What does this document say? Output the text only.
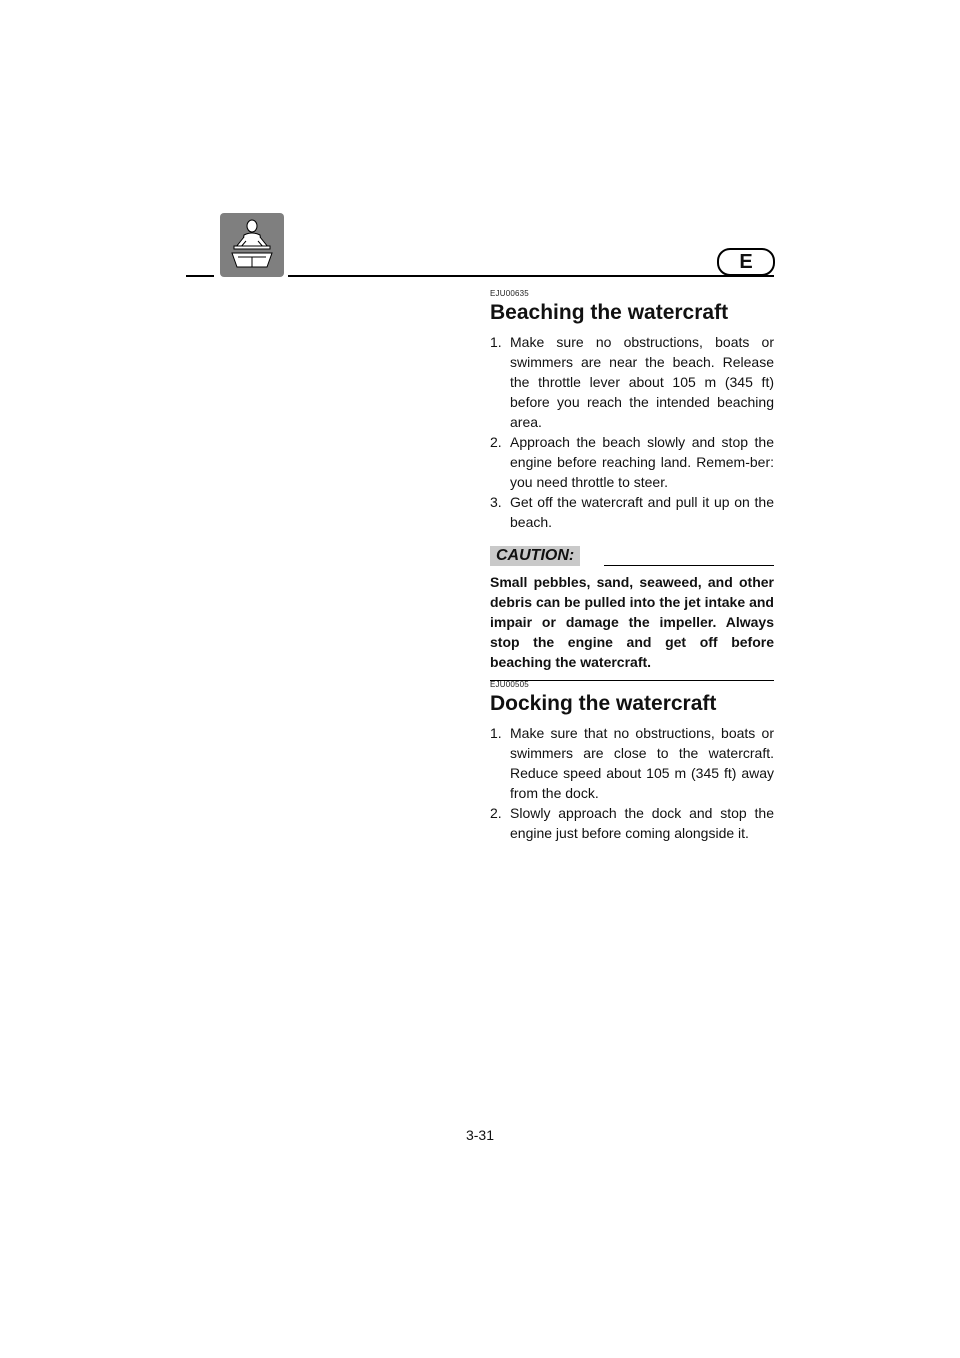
E
EJU00635
Beaching the watercraft
1. Make sure no obstructions, boats or swimmers are near the beach. Release the throttle lever about 105 m (345 ft) before you reach the intended beaching area.
2. Approach the beach slowly and stop the engine before reaching land. Remem-ber: you need throttle to steer.
3. Get off the watercraft and pull it up on the beach.
CAUTION:
Small pebbles, sand, seaweed, and other debris can be pulled into the jet intake and impair or damage the impeller. Always stop the engine and get off before beaching the watercraft.
EJU00505
Docking the watercraft
1. Make sure that no obstructions, boats or swimmers are close to the watercraft. Reduce speed about 105 m (345 ft) away from the dock.
2. Slowly approach the dock and stop the engine just before coming alongside it.
3-31
